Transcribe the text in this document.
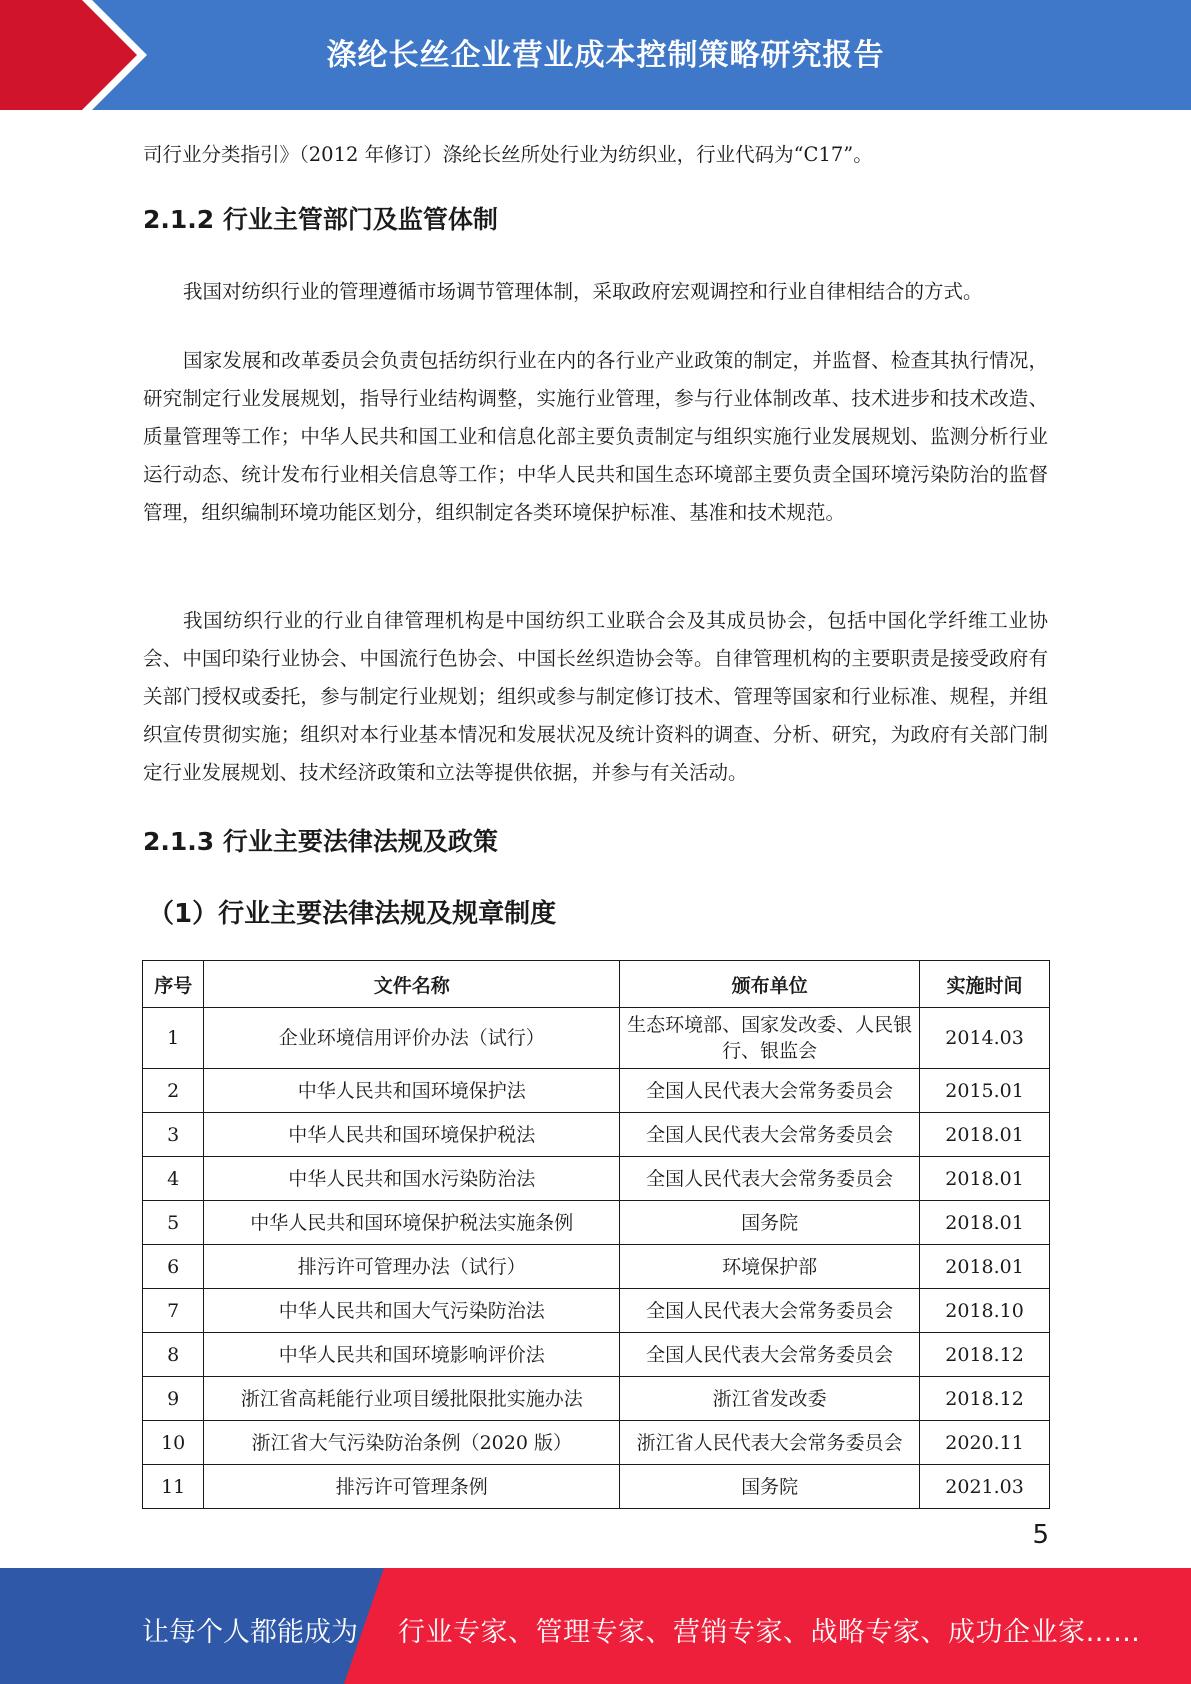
涤纶长丝企业营业成本控制策略研究报告

司行业分类指引》（2012 年修订）涤纶长丝所处行业为纺织业，行业代码为“C17”。

2.1.2 行业主管部门及监管体制

我国对纺织行业的管理遵循市场调节管理体制，采取政府宏观调控和行业自律相结合的方式。

国家发展和改革委员会负责包括纺织行业在内的各行业产业政策的制定，并监督、检查其执行情况，研究制定行业发展规划，指导行业结构调整，实施行业管理，参与行业体制改革、技术进步和技术改造、质量管理等工作；中华人民共和国工业和信息化部主要负责制定与组织实施行业发展规划、监测分析行业运行动态、统计发布行业相关信息等工作；中华人民共和国生态环境部主要负责全国环境污染防治的监督管理，组织编制环境功能区划分，组织制定各类环境保护标准、基准和技术规范。

我国纺织行业的行业自律管理机构是中国纺织工业联合会及其成员协会，包括中国化学纤维工业协会、中国印染行业协会、中国流行色协会、中国长丝织造协会等。自律管理机构的主要职责是接受政府有关部门授权或委托，参与制定行业规划；组织或参与制定修订技术、管理等国家和行业标准、规程，并组织宣传贯彻实施；组织对本行业基本情况和发展状况及统计资料的调查、分析、研究，为政府有关部门制定行业发展规划、技术经济政策和立法等提供依据，并参与有关活动。

2.1.3 行业主要法律法规及政策
（1）行业主要法律法规及规章制度
序号	文件名称	颁布单位	实施时间
1	企业环境信用评价办法（试行）	生态环境部、国家发改委、人民银行、银监会	2014.03
2	中华人民共和国环境保护法	全国人民代表大会常务委员会	2015.01
3	中华人民共和国环境保护税法	全国人民代表大会常务委员会	2018.01
4	中华人民共和国水污染防治法	全国人民代表大会常务委员会	2018.01
5	中华人民共和国环境保护税法实施条例	国务院	2018.01
6	排污许可管理办法（试行）	环境保护部	2018.01
7	中华人民共和国大气污染防治法	全国人民代表大会常务委员会	2018.10
8	中华人民共和国环境影响评价法	全国人民代表大会常务委员会	2018.12
9	浙江省高耗能行业项目缓批限批实施办法	浙江省发改委	2018.12
10	浙江省大气污染防治条例（2020 版）	浙江省人民代表大会常务委员会	2020.11
11	排污许可管理条例	国务院	2021.03
5
让每个人都能成为 行业专家、管理专家、营销专家、战略专家、成功企业家……
